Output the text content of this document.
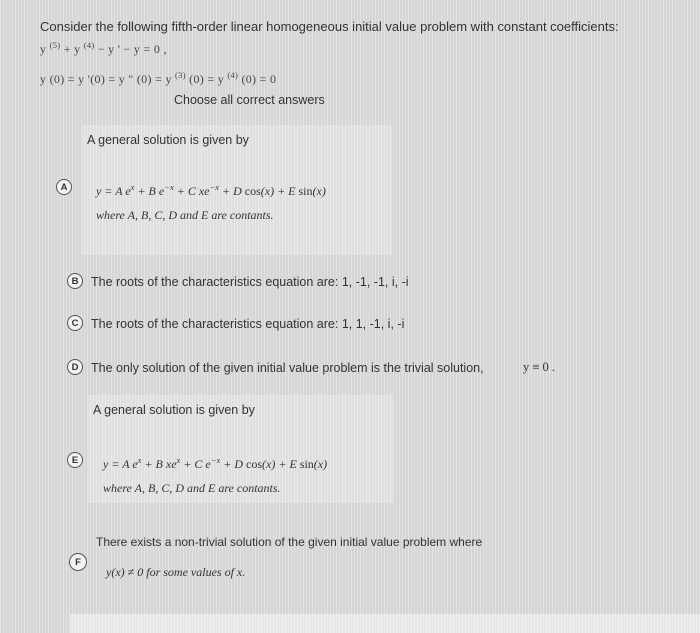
Consider the following fifth-order linear homogeneous initial value problem with constant coefficients:
y $^{(5)}$ + y $^{(4)}$ − y ' − y = 0 ,
y (0) = y '(0) = y " (0) = y $^{(3)}$ (0) = y $^{(4)}$ (0) = 0
Choose all correct answers
A general solution is given by
A y = A $e^x + B$ $e^{-x} + C$ $xe^{-x} + D$ cos(x) + E sin(x)
where A, B, C, D and E are contants.
B The roots of the characteristics equation are: 1, -1, -1, i, -i
C The roots of the characteristics equation are: 1, 1, -1, i, -i
D The only solution of the given initial value problem is the trivial solution,	y ≡ 0 .
A general solution is given by
E y = A $e^x + B$ $xe^x + C$ $e^{-x} + D$ cos(x) + E sin(x)
where A, B, C, D and E are contants.
F
There exists a non-trivial solution of the given initial value problem where
y(x) ≠ 0 for some values of x.
